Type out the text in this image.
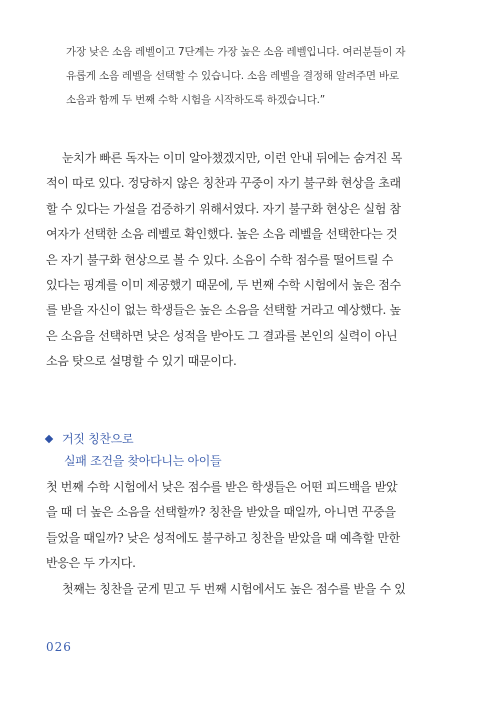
가장 낮은 소음 레벨이고 7단계는 가장 높은 소음 레벨입니다. 여러분들이 자

유롭게 소음 레벨을 선택할 수 있습니다. 소음 레벨을 결정해 알려주면 바로

소음과 함께 두 번째 수학 시험을 시작하도록 하겠습니다.”

눈치가 빠른 독자는 이미 알아챘겠지만, 이런 안내 뒤에는 숨겨진 목

적이 따로 있다. 정당하지 않은 칭찬과 꾸중이 자기 불구화 현상을 초래

할 수 있다는 가설을 검증하기 위해서였다. 자기 불구화 현상은 실험 참

여자가 선택한 소음 레벨로 확인했다. 높은 소음 레벨을 선택한다는 것

은 자기 불구화 현상으로 볼 수 있다. 소음이 수학 점수를 떨어트릴 수

있다는 핑계를 이미 제공했기 때문에, 두 번째 수학 시험에서 높은 점수

를 받을 자신이 없는 학생들은 높은 소음을 선택할 거라고 예상했다. 높

은 소음을 선택하면 낮은 성적을 받아도 그 결과를 본인의 실력이 아닌

소음 탓으로 설명할 수 있기 때문이다.

거짓 칭찬으로
실패 조건을 찾아다니는 아이들

첫 번째 수학 시험에서 낮은 점수를 받은 학생들은 어떤 피드백을 받았

을 때 더 높은 소음을 선택할까? 칭찬을 받았을 때일까, 아니면 꾸중을

들었을 때일까? 낮은 성적에도 불구하고 칭찬을 받았을 때 예측할 만한

반응은 두 가지다.

첫째는 칭찬을 굳게 믿고 두 번째 시험에서도 높은 점수를 받을 수 있

026
